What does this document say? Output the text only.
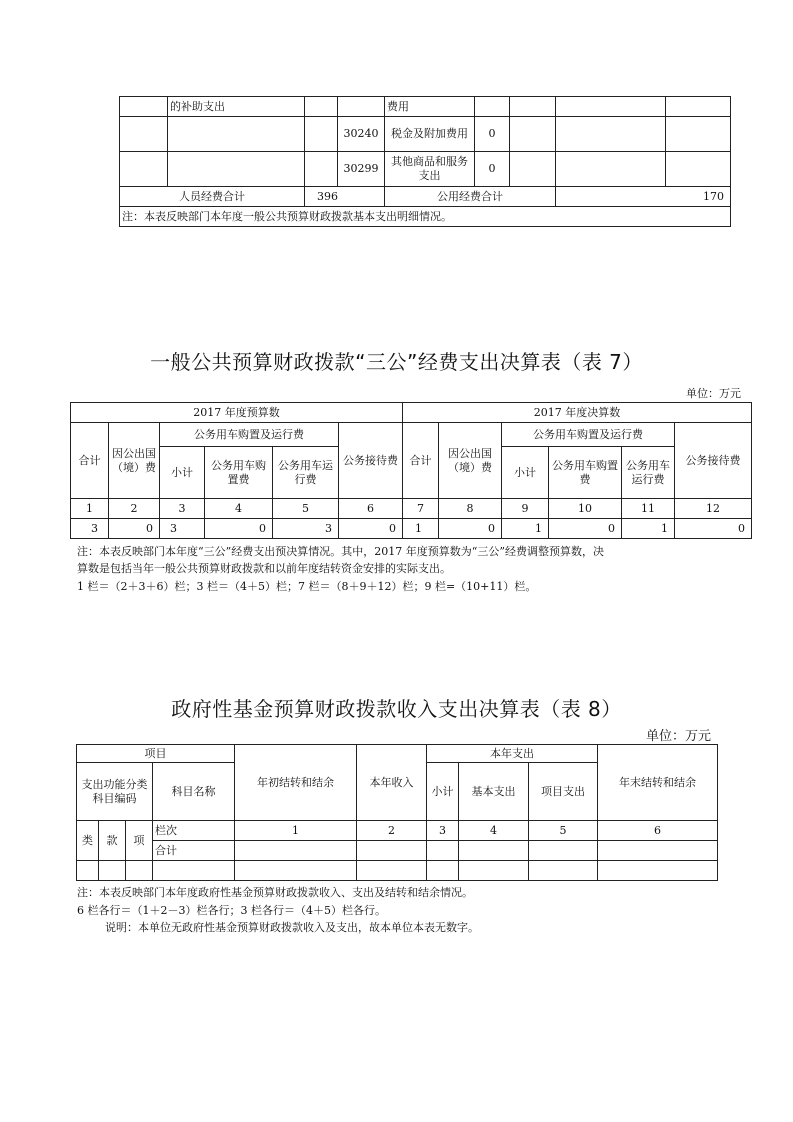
	的补助支出			费用				
			30240	税金及附加费用	0			
			30299	其他商品和服务支出	0			
人员经费合计		396		公用经费合计			170	
注：本表反映部门本年度一般公共预算财政拨款基本支出明细情况。								
一般公共预算财政拨款“三公”经费支出决算表（表 7）
单位：万元
2017 年度预算数						2017 年度决算数					
合计	因公出国（境）费	公务用车购置及运行费			公务接待费	合计	因公出国（境）费	公务用车购置及运行费			公务接待费
		小计	公务用车购置费	公务用车运行费				小计	公务用车购置费	公务用车运行费	
1	2	3	4	5	6	7	8	9	10	11	12
3	0	3	0	3	0	1	0	1	0	1	0
注：本表反映部门本年度“三公”经费支出预决算情况。其中，2017 年度预算数为“三公”经费调整预算数，决
算数是包括当年一般公共预算财政拨款和以前年度结转资金安排的实际支出。
1 栏＝（2＋3＋6）栏；3 栏＝（4＋5）栏；7 栏＝（8＋9＋12）栏；9 栏=（10+11）栏。
政府性基金预算财政拨款收入支出决算表（表 8）
单位：万元
项目				年初结转和结余	本年收入	本年支出			年末结转和结余
支出功能分类科目编码			科目名称			小计	基本支出	项目支出	
类	款	项	栏次	1	2	3	4	5	6
			合计						

注：本表反映部门本年度政府性基金预算财政拨款收入、支出及结转和结余情况。
6 栏各行＝（1＋2－3）栏各行；3 栏各行＝（4＋5）栏各行。
说明：本单位无政府性基金预算财政拨款收入及支出，故本单位本表无数字。
